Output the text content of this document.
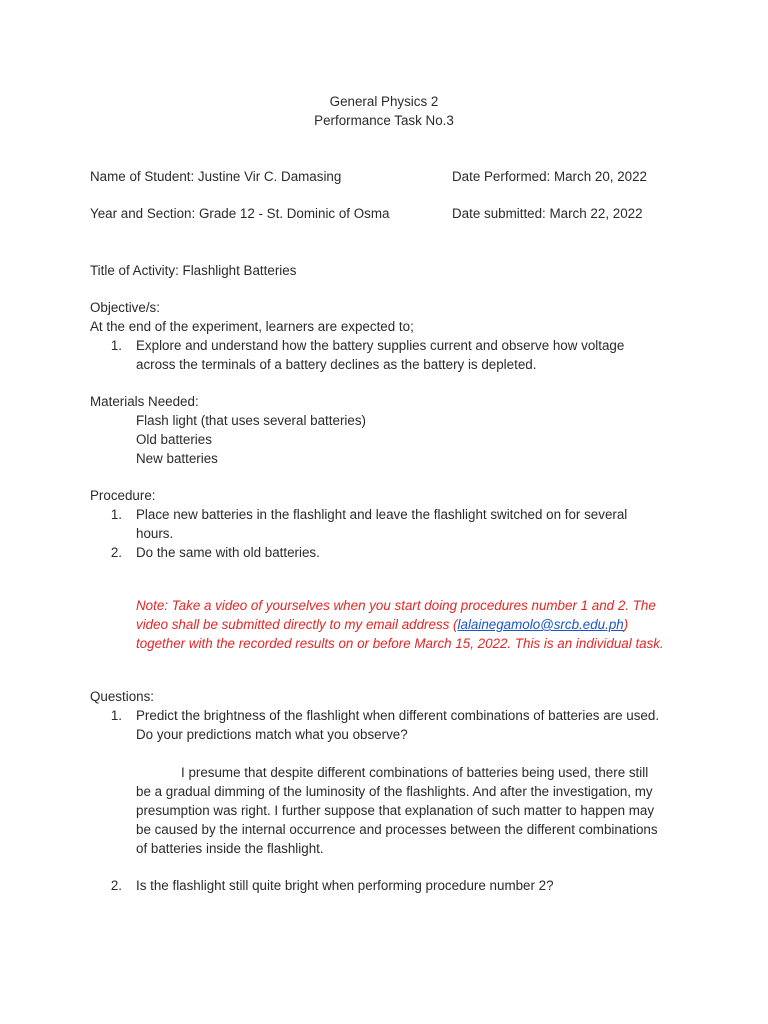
General Physics 2
Performance Task No.3
Name of Student: Justine Vir C. Damasing	Date Performed: March 20, 2022
Year and Section: Grade 12 - St. Dominic of Osma	Date submitted: March 22, 2022
Title of Activity: Flashlight Batteries
Objective/s:
At the end of the experiment, learners are expected to;
1. Explore and understand how the battery supplies current and observe how voltage
across the terminals of a battery declines as the battery is depleted.
Materials Needed:
Flash light (that uses several batteries)
Old batteries
New batteries
Procedure:
1. Place new batteries in the flashlight and leave the flashlight switched on for several
hours.
2. Do the same with old batteries.
Note: Take a video of yourselves when you start doing procedures number 1 and 2. The
video shall be submitted directly to my email address (lalainegamolo@srcb.edu.ph)
together with the recorded results on or before March 15, 2022. This is an individual task.
Questions:
1. Predict the brightness of the flashlight when different combinations of batteries are used.
Do your predictions match what you observe?
I presume that despite different combinations of batteries being used, there still
be a gradual dimming of the luminosity of the flashlights. And after the investigation, my
presumption was right. I further suppose that explanation of such matter to happen may
be caused by the internal occurrence and processes between the different combinations
of batteries inside the flashlight.
2. Is the flashlight still quite bright when performing procedure number 2?
